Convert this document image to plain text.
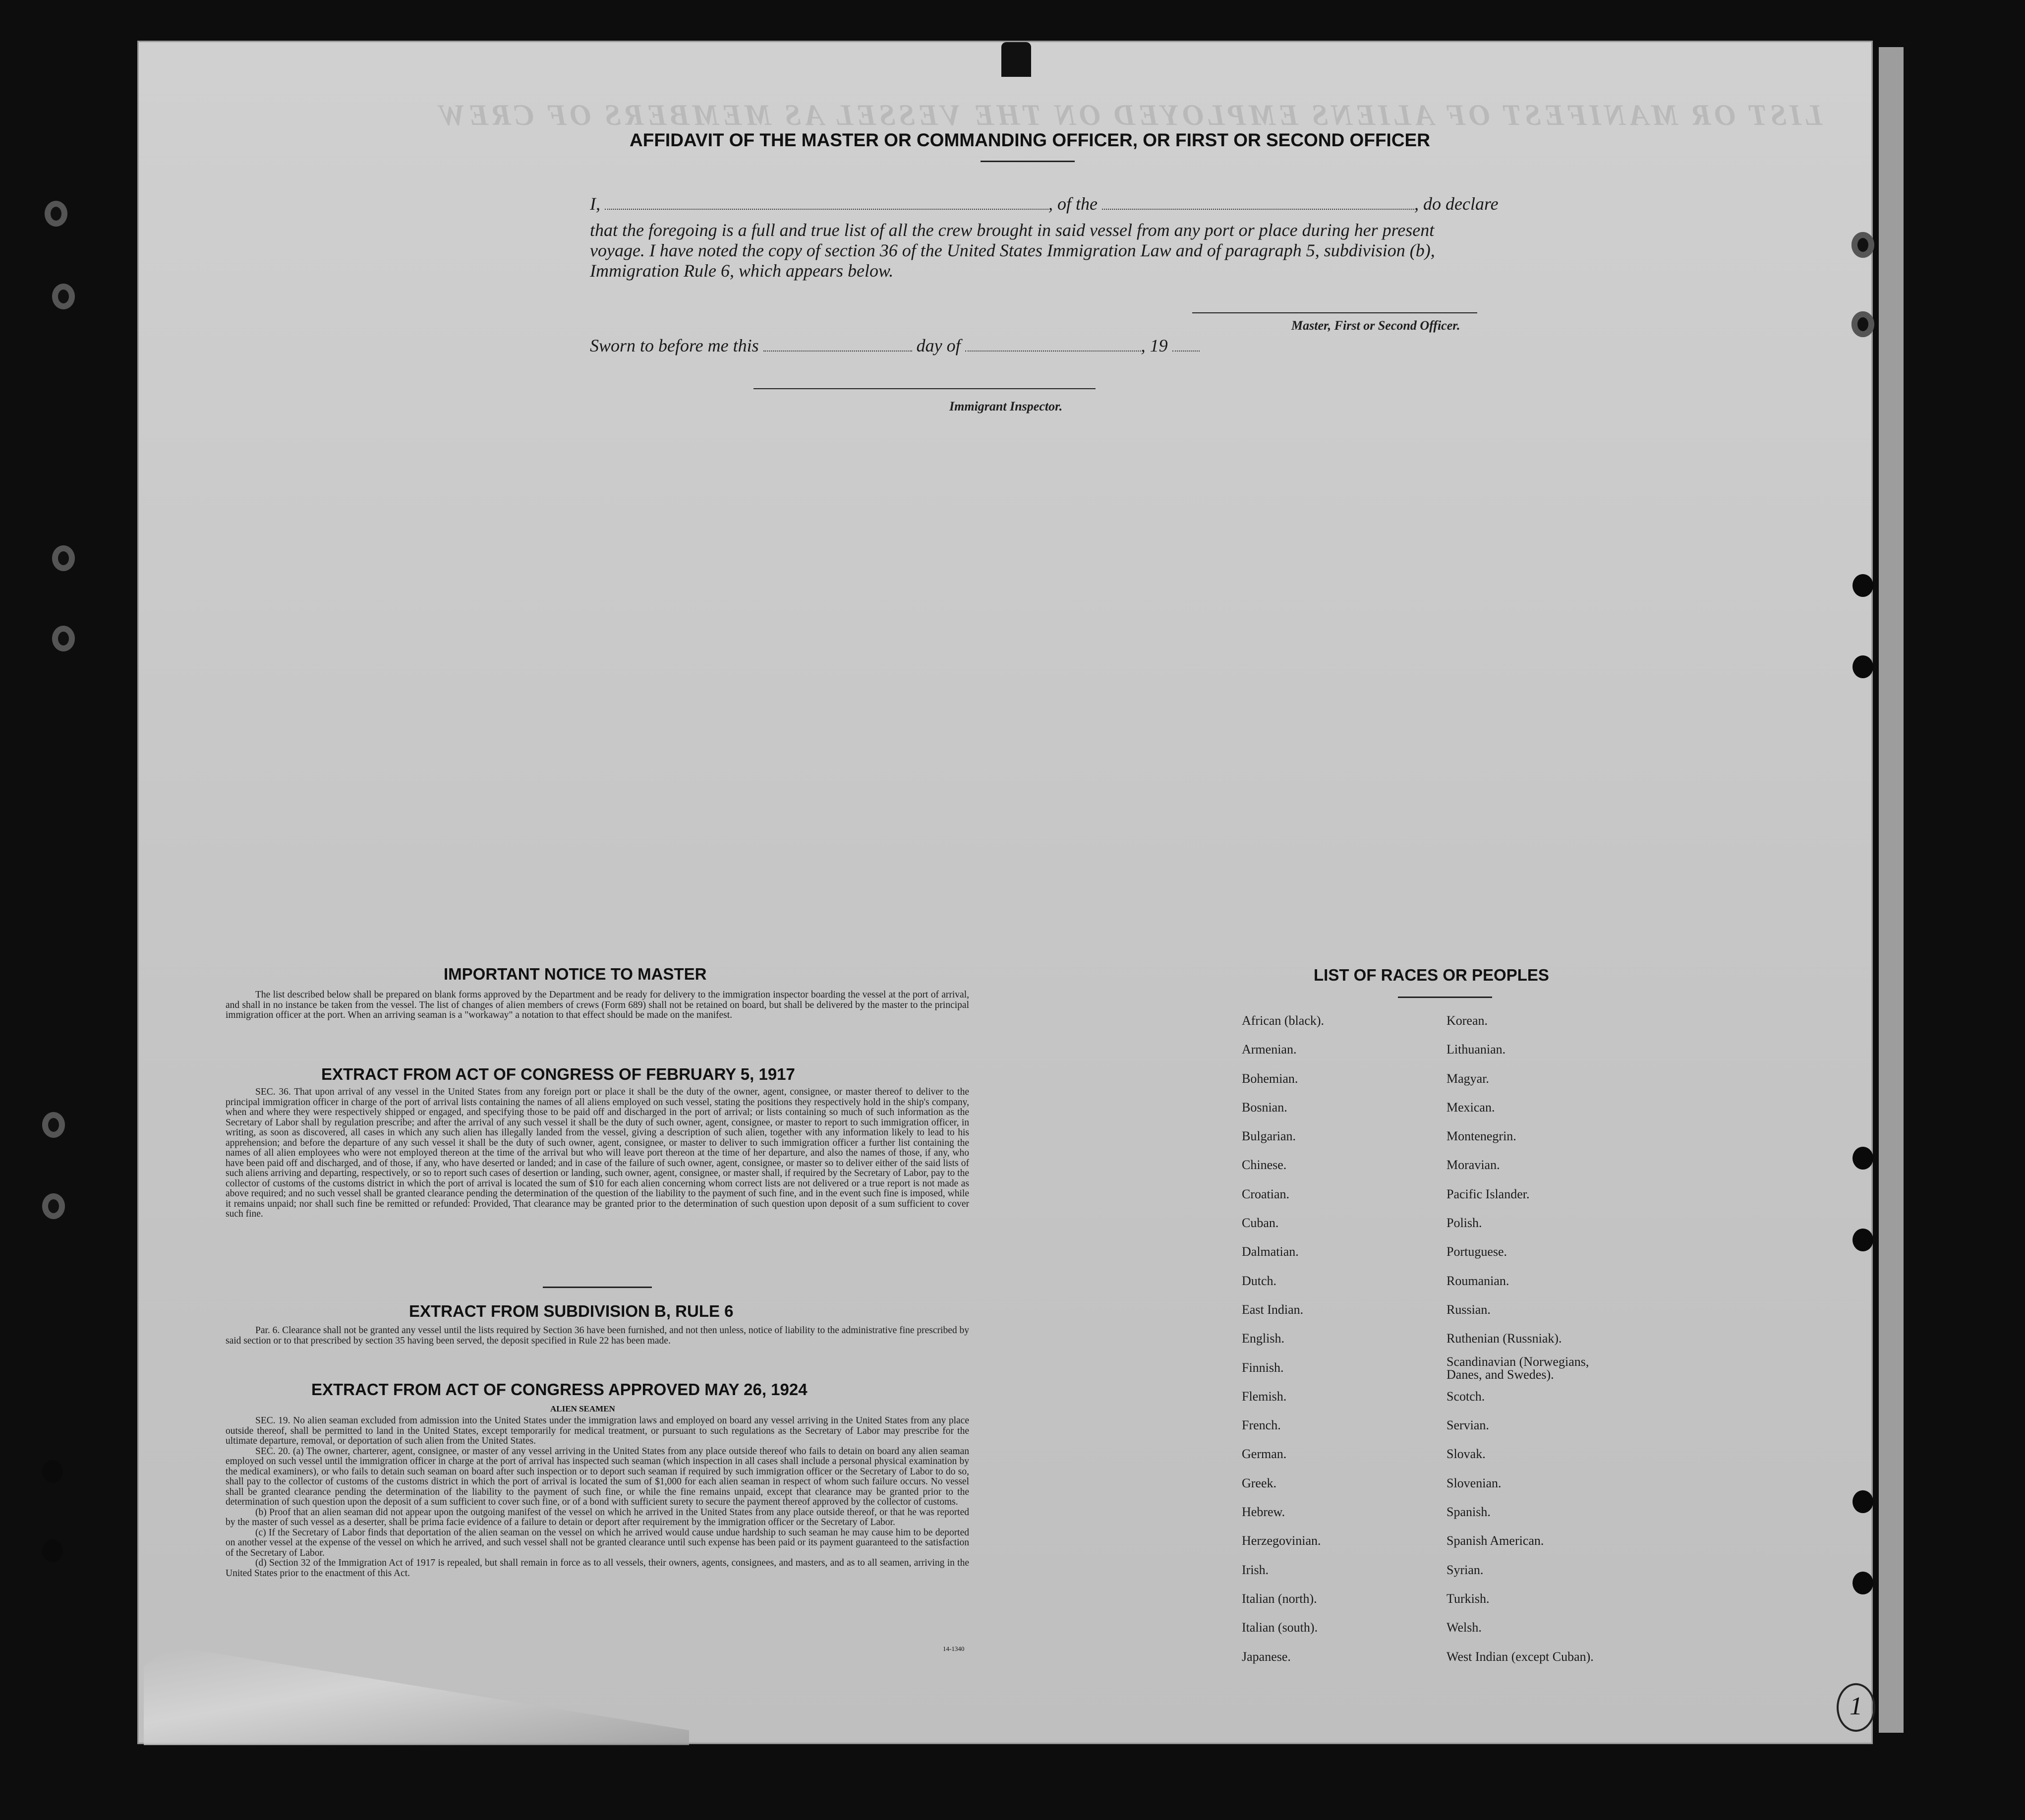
LIST OR MANIFEST OF ALIENS EMPLOYED ON THE VESSEL AS MEMBERS OF CREW
AFFIDAVIT OF THE MASTER OR COMMANDING OFFICER, OR FIRST OR SECOND OFFICER
I,	, of the	, do declare
that the foregoing is a full and true list of all the crew brought in said vessel from any port or place during her present
voyage. I have noted the copy of section 36 of the United States Immigration Law and of paragraph 5, subdivision (b),
Immigration Rule 6, which appears below.
Master, First or Second Officer.
Sworn to before me this	day of	, 19
Immigrant Inspector.
IMPORTANT NOTICE TO MASTER

The list described below shall be prepared on blank forms approved by the Department and be ready for delivery to the immigration inspector boarding the vessel at the port of arrival, and shall in no instance be taken from the vessel. The list of changes of alien members of crews (Form 689) shall not be retained on board, but shall be delivered by the master to the principal immigration officer at the port. When an arriving seaman is a "workaway" a notation to that effect should be made on the manifest.

EXTRACT FROM ACT OF CONGRESS OF FEBRUARY 5, 1917

SEC. 36. That upon arrival of any vessel in the United States from any foreign port or place it shall be the duty of the owner, agent, consignee, or master thereof to deliver to the principal immigration officer in charge of the port of arrival lists containing the names of all aliens employed on such vessel, stating the positions they respectively hold in the ship's company, when and where they were respectively shipped or engaged, and specifying those to be paid off and discharged in the port of arrival; or lists containing so much of such information as the Secretary of Labor shall by regulation prescribe; and after the arrival of any such vessel it shall be the duty of such owner, agent, consignee, or master to report to such immigration officer, in writing, as soon as discovered, all cases in which any such alien has illegally landed from the vessel, giving a description of such alien, together with any information likely to lead to his apprehension; and before the departure of any such vessel it shall be the duty of such owner, agent, consignee, or master to deliver to such immigration officer a further list containing the names of all alien employees who were not employed thereon at the time of the arrival but who will leave port thereon at the time of her departure, and also the names of those, if any, who have been paid off and discharged, and of those, if any, who have deserted or landed; and in case of the failure of such owner, agent, consignee, or master so to deliver either of the said lists of such aliens arriving and departing, respectively, or so to report such cases of desertion or landing, such owner, agent, consignee, or master shall, if required by the Secretary of Labor, pay to the collector of customs of the customs district in which the port of arrival is located the sum of $10 for each alien concerning whom correct lists are not delivered or a true report is not made as above required; and no such vessel shall be granted clearance pending the determination of the question of the liability to the payment of such fine, and in the event such fine is imposed, while it remains unpaid; nor shall such fine be remitted or refunded: Provided, That clearance may be granted prior to the determination of such question upon deposit of a sum sufficient to cover such fine.

EXTRACT FROM SUBDIVISION B, RULE 6

Par. 6. Clearance shall not be granted any vessel until the lists required by Section 36 have been furnished, and not then unless, notice of liability to the administrative fine prescribed by said section or to that prescribed by section 35 having been served, the deposit specified in Rule 22 has been made.

EXTRACT FROM ACT OF CONGRESS APPROVED MAY 26, 1924
ALIEN SEAMEN

SEC. 19. No alien seaman excluded from admission into the United States under the immigration laws and employed on board any vessel arriving in the United States from any place outside thereof, shall be permitted to land in the United States, except temporarily for medical treatment, or pursuant to such regulations as the Secretary of Labor may prescribe for the ultimate departure, removal, or deportation of such alien from the United States.

SEC. 20. (a) The owner, charterer, agent, consignee, or master of any vessel arriving in the United States from any place outside thereof who fails to detain on board any alien seaman employed on such vessel until the immigration officer in charge at the port of arrival has inspected such seaman (which inspection in all cases shall include a personal physical examination by the medical examiners), or who fails to detain such seaman on board after such inspection or to deport such seaman if required by such immigration officer or the Secretary of Labor to do so, shall pay to the collector of customs of the customs district in which the port of arrival is located the sum of $1,000 for each alien seaman in respect of whom such failure occurs. No vessel shall be granted clearance pending the determination of the liability to the payment of such fine, or while the fine remains unpaid, except that clearance may be granted prior to the determination of such question upon the deposit of a sum sufficient to cover such fine, or of a bond with sufficient surety to secure the payment thereof approved by the collector of customs.

(b) Proof that an alien seaman did not appear upon the outgoing manifest of the vessel on which he arrived in the United States from any place outside thereof, or that he was reported by the master of such vessel as a deserter, shall be prima facie evidence of a failure to detain or deport after requirement by the immigration officer or the Secretary of Labor.

(c) If the Secretary of Labor finds that deportation of the alien seaman on the vessel on which he arrived would cause undue hardship to such seaman he may cause him to be deported on another vessel at the expense of the vessel on which he arrived, and such vessel shall not be granted clearance until such expense has been paid or its payment guaranteed to the satisfaction of the Secretary of Labor.

(d) Section 32 of the Immigration Act of 1917 is repealed, but shall remain in force as to all vessels, their owners, agents, consignees, and masters, and as to all seamen, arriving in the United States prior to the enactment of this Act.

14-1340
LIST OF RACES OR PEOPLES
African (black).
Armenian.
Bohemian.
Bosnian.
Bulgarian.
Chinese.
Croatian.
Cuban.
Dalmatian.
Dutch.
East Indian.
English.
Finnish.
Flemish.
French.
German.
Greek.
Hebrew.
Herzegovinian.
Irish.
Italian (north).
Italian (south).
Japanese.
Korean.
Lithuanian.
Magyar.
Mexican.
Montenegrin.
Moravian.
Pacific Islander.
Polish.
Portuguese.
Roumanian.
Russian.
Ruthenian (Russniak).
Scandinavian (Norwegians, Danes, and Swedes).
Scotch.
Servian.
Slovak.
Slovenian.
Spanish.
Spanish American.
Syrian.
Turkish.
Welsh.
West Indian (except Cuban).
1
